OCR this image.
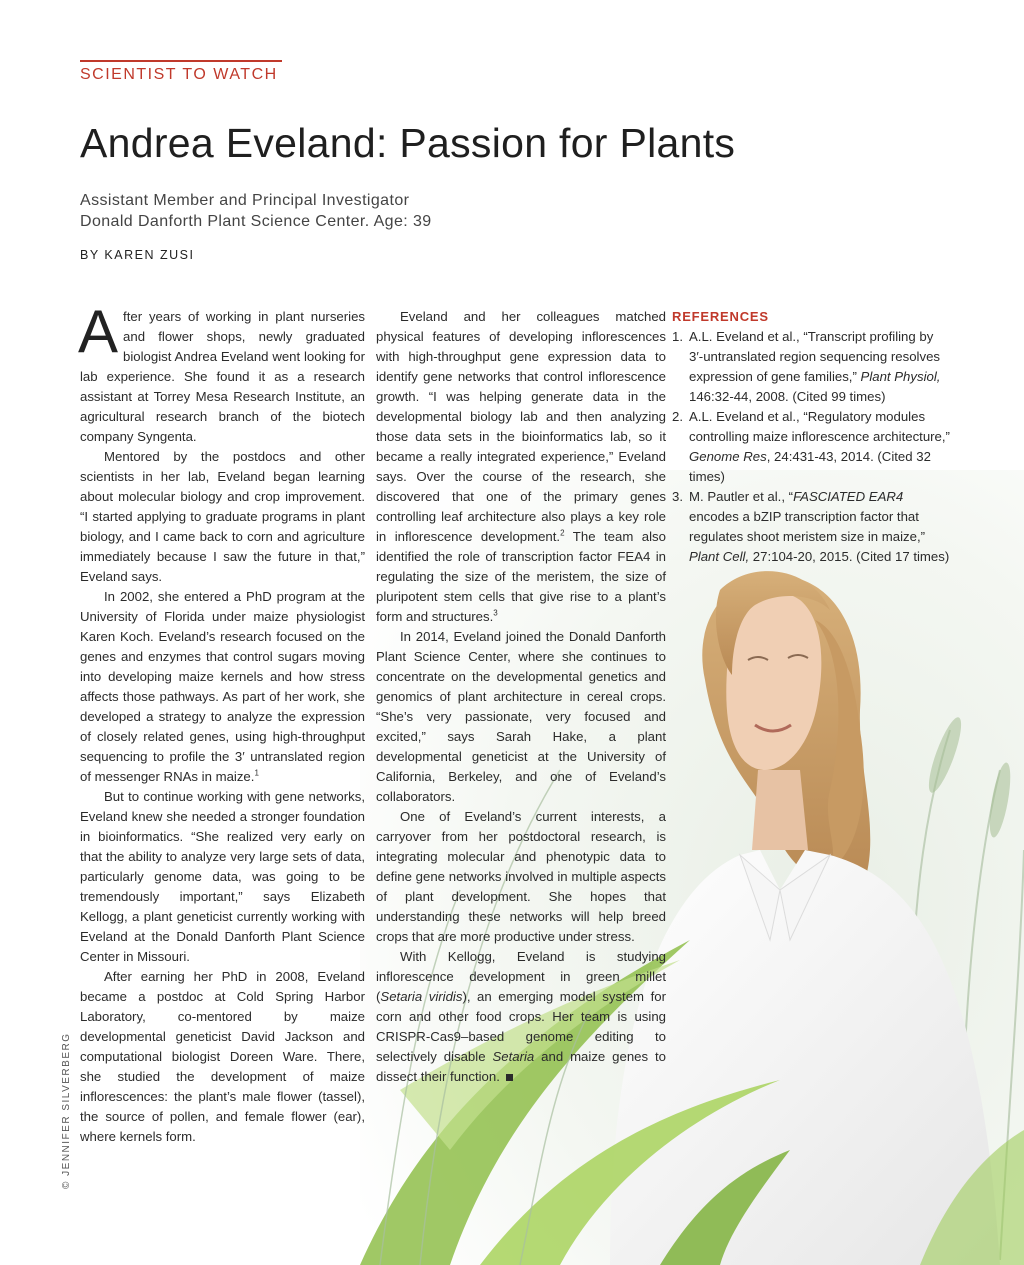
SCIENTIST TO WATCH
Andrea Eveland: Passion for Plants
Assistant Member and Principal Investigator
Donald Danforth Plant Science Center. Age: 39
BY KAREN ZUSI

After years of working in plant nurseries and flower shops, newly graduated biologist Andrea Eveland went looking for lab experience. She found it as a research assistant at Torrey Mesa Research Institute, an agricultural research branch of the biotech company Syngenta.

Mentored by the postdocs and other scientists in her lab, Eveland began learning about molecular biology and crop improvement. “I started applying to graduate programs in plant biology, and I came back to corn and agriculture immediately because I saw the future in that,” Eveland says.

In 2002, she entered a PhD program at the University of Florida under maize physiologist Karen Koch. Eveland’s research focused on the genes and enzymes that control sugars moving into developing maize kernels and how stress affects those pathways. As part of her work, she developed a strategy to analyze the expression of closely related genes, using high-throughput sequencing to profile the 3′ untranslated region of messenger RNAs in maize.$^1$

But to continue working with gene networks, Eveland knew she needed a stronger foundation in bioinformatics. “She realized very early on that the ability to analyze very large sets of data, particularly genome data, was going to be tremendously important,” says Elizabeth Kellogg, a plant geneticist currently working with Eveland at the Donald Danforth Plant Science Center in Missouri.

After earning her PhD in 2008, Eveland became a postdoc at Cold Spring Harbor Laboratory, co-mentored by maize developmental geneticist David Jackson and computational biologist Doreen Ware. There, she studied the development of maize inflorescences: the plant’s male flower (tassel), the source of pollen, and female flower (ear), where kernels form.

Eveland and her colleagues matched physical features of developing inflorescences with high-throughput gene expression data to identify gene networks that control inflorescence growth. “I was helping generate data in the developmental biology lab and then analyzing those data sets in the bioinformatics lab, so it became a really integrated experience,” Eveland says. Over the course of the research, she discovered that one of the primary genes controlling leaf architecture also plays a key role in inflorescence development.$^2$ The team also identified the role of transcription factor FEA4 in regulating the size of the meristem, the size of pluripotent stem cells that give rise to a plant’s form and structures.$^3$

In 2014, Eveland joined the Donald Danforth Plant Science Center, where she continues to concentrate on the developmental genetics and genomics of plant architecture in cereal crops. “She’s very passionate, very focused and excited,” says Sarah Hake, a plant developmental geneticist at the University of California, Berkeley, and one of Eveland’s collaborators.

One of Eveland’s current interests, a carryover from her postdoctoral research, is integrating molecular and phenotypic data to define gene networks involved in multiple aspects of plant development. She hopes that understanding these networks will help breed crops that are more productive under stress.

With Kellogg, Eveland is studying inflorescence development in green millet (Setaria viridis), an emerging model system for corn and other food crops. Her team is using CRISPR-Cas9–based genome editing to selectively disable Setaria and maize genes to dissect their function.

REFERENCES
1. A.L. Eveland et al., “Transcript profiling by 3′-untranslated region sequencing resolves expression of gene families,” Plant Physiol, 146:32-44, 2008. (Cited 99 times)
2. A.L. Eveland et al., “Regulatory modules controlling maize inflorescence architecture,” Genome Res, 24:431-43, 2014. (Cited 32 times)
3. M. Pautler et al., “FASCIATED EAR4 encodes a bZIP transcription factor that regulates shoot meristem size in maize,” Plant Cell, 27:104-20, 2015. (Cited 17 times)
© JENNIFER SILVERBERG
